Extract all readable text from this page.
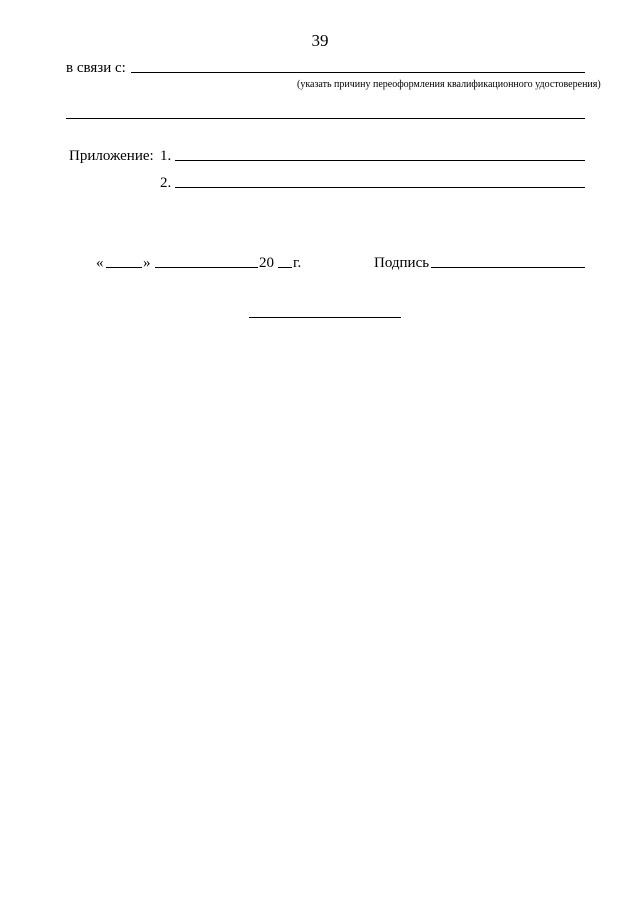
39
в связи с:
(указать причину переоформления квалификационного удостоверения)
Приложение: 1.
2.
«	»	20 г.	Подпись
